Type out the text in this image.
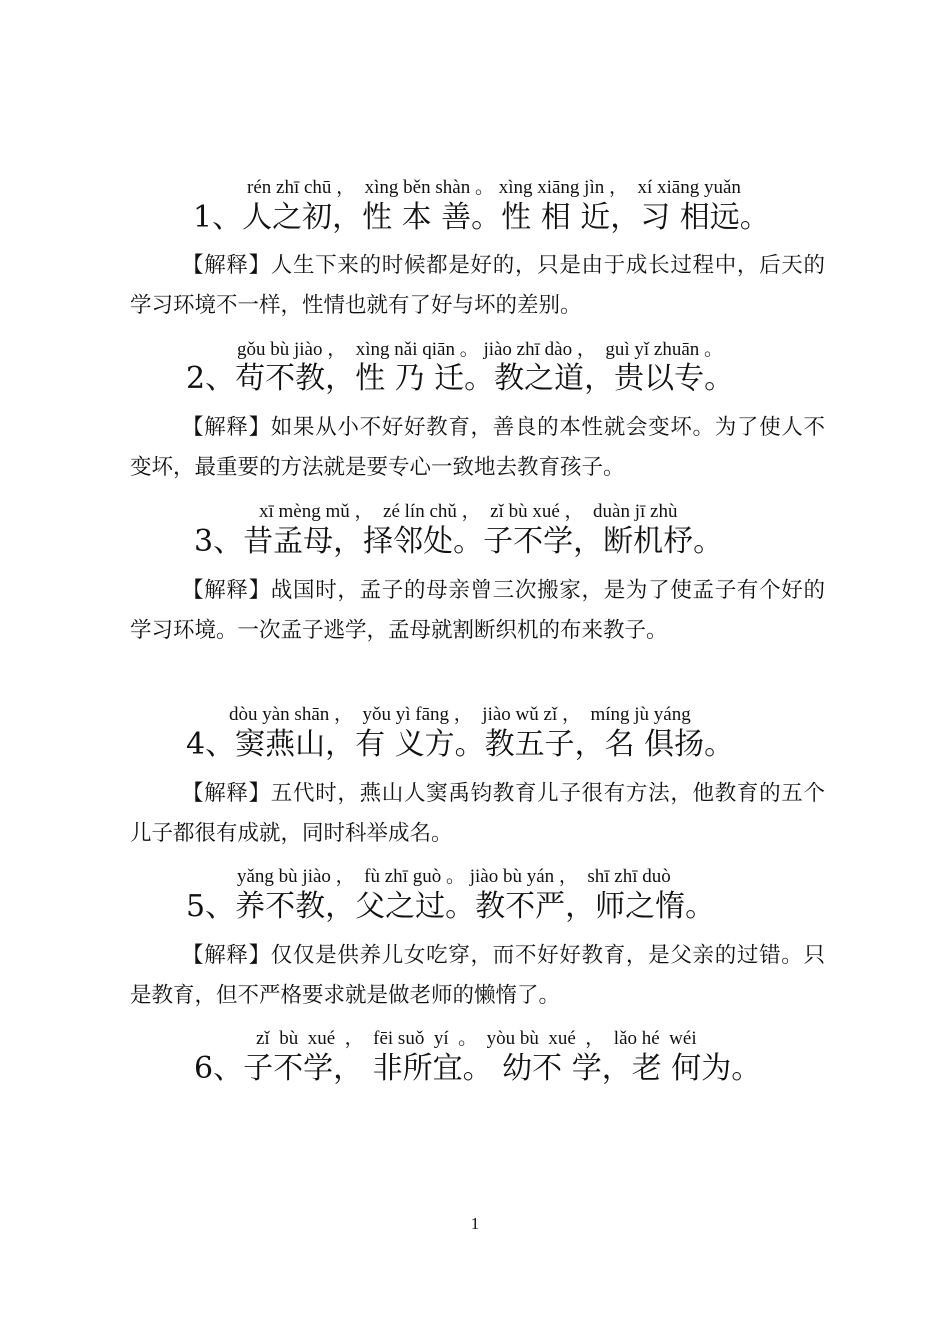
rén zhī chū ，  xìng běn shàn 。 xìng xiāng jìn ，  xí xiāng yuǎn
1、人之初，性 本 善。性 相 近，习 相远。

【解释】人生下来的时候都是好的，只是由于成长过程中，后天的学习环境不一样，性情也就有了好与坏的差别。

gǒu bù jiào ，  xìng nǎi qiān 。 jiào zhī dào ，  guì yǐ zhuān 。
2、苟不教，性 乃 迁。教之道，贵以专。

【解释】如果从小不好好教育，善良的本性就会变坏。为了使人不变坏，最重要的方法就是要专心一致地去教育孩子。

xī mèng mǔ ，  zé lín chǔ ，  zǐ bù xué ，  duàn jī zhù
3、昔孟母，择邻处。子不学，断机杼。

【解释】战国时，孟子的母亲曾三次搬家，是为了使孟子有个好的学习环境。一次孟子逃学，孟母就割断织机的布来教子。

dòu yàn shān ，  yǒu yì fāng ，  jiào wǔ zǐ ，  míng jù yáng
4、窦燕山，有 义方。教五子，名 俱扬。

【解释】五代时，燕山人窦禹钧教育儿子很有方法，他教育的五个儿子都很有成就，同时科举成名。

yǎng bù jiào ，  fù zhī guò 。 jiào bù yán ，  shī zhī duò
5、养不教，父之过。教不严，师之惰。

【解释】仅仅是供养儿女吃穿，而不好好教育，是父亲的过错。只是教育，但不严格要求就是做老师的懒惰了。

zǐ  bù  xué  ，  fēi suǒ  yí  。  yòu bù  xué  ，  lǎo hé  wéi
6、子不学， 非所宜。 幼不 学，老 何为。
1
